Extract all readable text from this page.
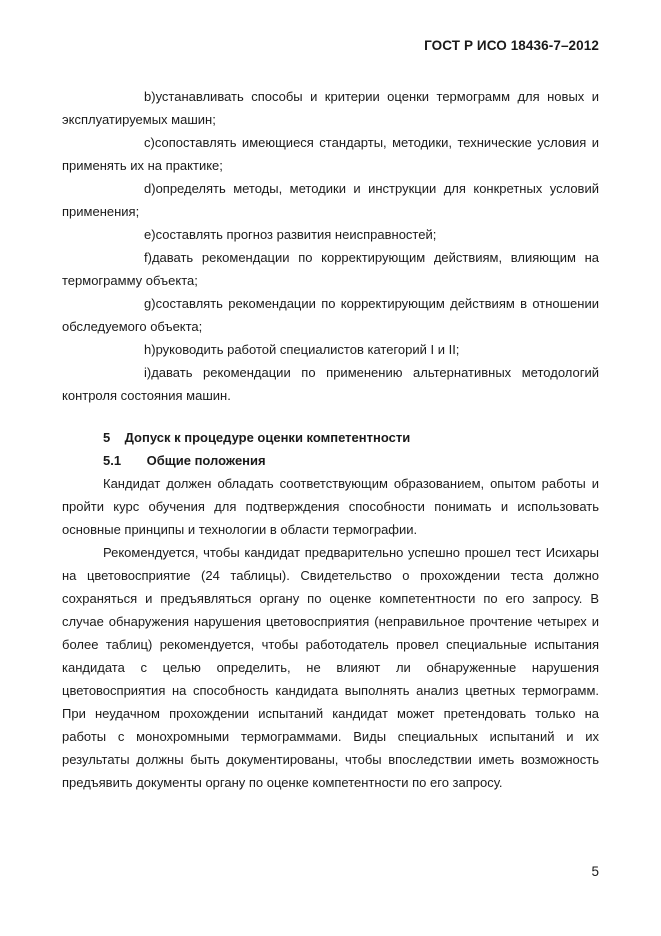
ГОСТ Р ИСО 18436-7–2012

b)устанавливать способы и критерии оценки термограмм для новых и эксплуатируемых машин;

c)сопоставлять имеющиеся стандарты, методики, технические условия и применять их на практике;

d)определять методы, методики и инструкции для конкретных условий применения;

e)составлять прогноз развития неисправностей;

f)давать рекомендации по корректирующим действиям, влияющим на термограмму объекта;

g)составлять рекомендации по корректирующим действиям в отношении обследуемого объекта;

h)руководить работой специалистов категорий I и II;

i)давать рекомендации по применению альтернативных методологий контроля состояния машин.

5 Допуск к процедуре оценки компетентности

5.1 Общие положения

Кандидат должен обладать соответствующим образованием, опытом работы и пройти курс обучения для подтверждения способности понимать и использовать основные принципы и технологии в области термографии.

Рекомендуется, чтобы кандидат предварительно успешно прошел тест Исихары на цветовосприятие (24 таблицы). Свидетельство о прохождении теста должно сохраняться и предъявляться органу по оценке компетентности по его запросу. В случае обнаружения нарушения цветовосприятия (неправильное прочтение четырех и более таблиц) рекомендуется, чтобы работодатель провел специальные испытания кандидата с целью определить, не влияют ли обнаруженные нарушения цветовосприятия на способность кандидата выполнять анализ цветных термограмм. При неудачном прохождении испытаний кандидат может претендовать только на работы с монохромными термограммами. Виды специальных испытаний и их результаты должны быть документированы, чтобы впоследствии иметь возможность предъявить документы органу по оценке компетентности по его запросу.

5
